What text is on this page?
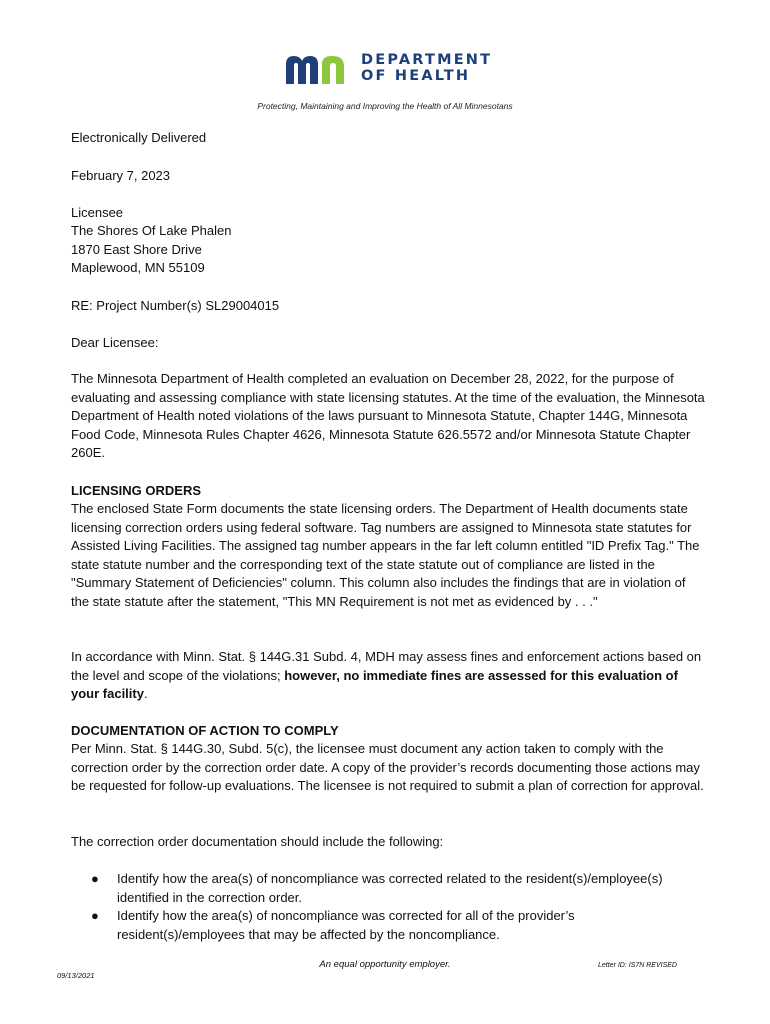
DEPARTMENT
OF HEALTH
Protecting, Maintaining and Improving the Health of All Minnesotans
Electronically Delivered
February 7, 2023
Licensee
The Shores Of Lake Phalen
1870 East Shore Drive
Maplewood, MN 55109
RE: Project Number(s) SL29004015
Dear Licensee:
The Minnesota Department of Health completed an evaluation on December 28, 2022, for the purpose of evaluating and assessing compliance with state licensing statutes. At the time of the evaluation, the Minnesota Department of Health noted violations of the laws pursuant to Minnesota Statute, Chapter 144G, Minnesota Food Code, Minnesota Rules Chapter 4626, Minnesota Statute 626.5572 and/or Minnesota Statute Chapter 260E.
LICENSING ORDERS
The enclosed State Form documents the state licensing orders. The Department of Health documents state licensing correction orders using federal software. Tag numbers are assigned to Minnesota state statutes for Assisted Living Facilities. The assigned tag number appears in the far left column entitled "ID Prefix Tag." The state statute number and the corresponding text of the state statute out of compliance are listed in the "Summary Statement of Deficiencies" column. This column also includes the findings that are in violation of the state statute after the statement, "This MN Requirement is not met as evidenced by . . ."
In accordance with Minn. Stat. § 144G.31 Subd. 4, MDH may assess fines and enforcement actions based on the level and scope of the violations; however, no immediate fines are assessed for this evaluation of your facility.
DOCUMENTATION OF ACTION TO COMPLY
Per Minn. Stat. § 144G.30, Subd. 5(c), the licensee must document any action taken to comply with the correction order by the correction order date. A copy of the provider’s records documenting those actions may be requested for follow-up evaluations. The licensee is not required to submit a plan of correction for approval.
The correction order documentation should include the following:
● Identify how the area(s) of noncompliance was corrected related to the resident(s)/employee(s) identified in the correction order.
● Identify how the area(s) of noncompliance was corrected for all of the provider’s resident(s)/employees that may be affected by the noncompliance.
An equal opportunity employer.
09/13/2021
Letter ID: IS7N REVISED
